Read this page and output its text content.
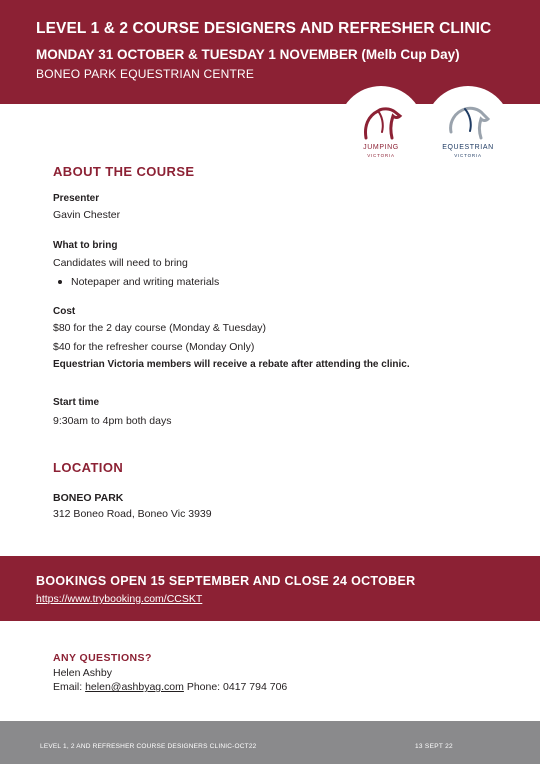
LEVEL 1 & 2 COURSE DESIGNERS AND REFRESHER CLINIC
MONDAY 31 OCTOBER & TUESDAY 1 NOVEMBER (Melb Cup Day)
BONEO PARK EQUESTRIAN CENTRE
JUMPING
VICTORIA
EQUESTRIAN
VICTORIA
ABOUT THE COURSE
Presenter
Gavin Chester
What to bring
Candidates will need to bring
Notepaper and writing materials
Cost
$80 for the 2 day course (Monday & Tuesday)
$40 for the refresher course (Monday Only)
Equestrian Victoria members will receive a rebate after attending the clinic.
Start time
9:30am to 4pm both days
LOCATION
BONEO PARK
312 Boneo Road, Boneo Vic 3939
BOOKINGS OPEN 15 SEPTEMBER AND CLOSE 24 OCTOBER
https://www.trybooking.com/CCSKT
ANY QUESTIONS?
Helen Ashby
Email: helen@ashbyag.com Phone: 0417 794 706
LEVEL 1, 2 AND REFRESHER COURSE DESIGNERS CLINIC-OCT22	13 SEPT 22
